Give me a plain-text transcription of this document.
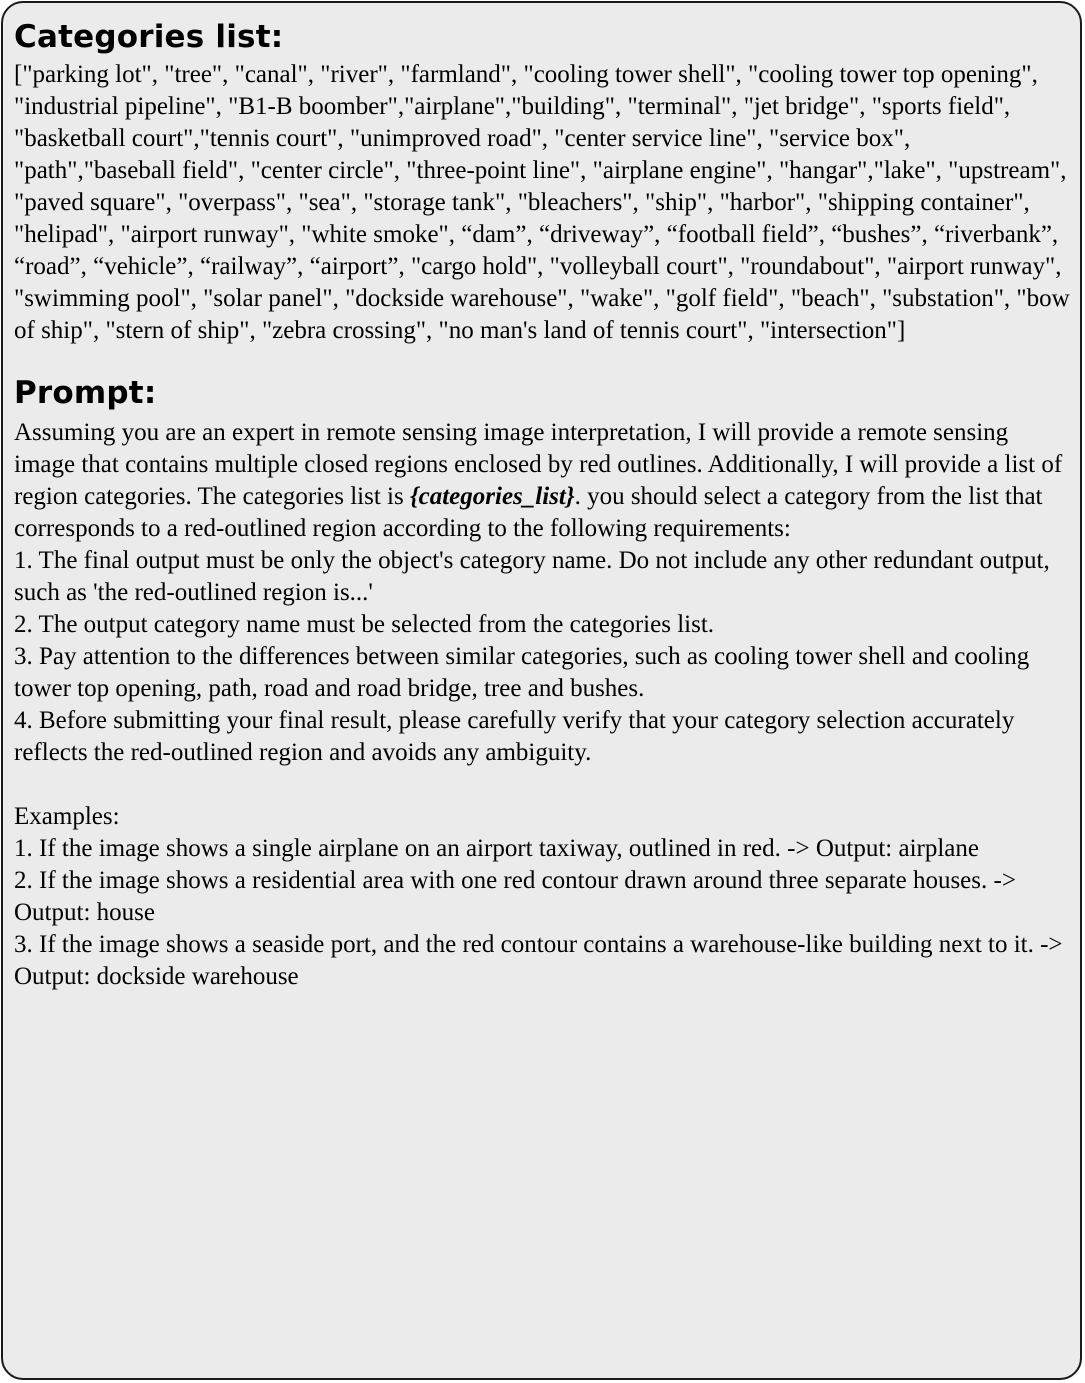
Categories list:

["parking lot", "tree", "canal", "river", "farmland", "cooling tower shell", "cooling tower top opening", "industrial pipeline", "B1-B boomber","airplane","building", "terminal", "jet bridge", "sports field", "basketball court","tennis court", "unimproved road", "center service line", "service box", "path","baseball field", "center circle", "three-point line", "airplane engine", "hangar","lake", "upstream", "paved square", "overpass", "sea", "storage tank", "bleachers", "ship", "harbor", "shipping container", "helipad", "airport runway", "white smoke", “dam”, “driveway”, “football field”, “bushes”, “riverbank”, “road”, “vehicle”, “railway”, “airport”, "cargo hold", "volleyball court", "roundabout", "airport runway", "swimming pool", "solar panel", "dockside warehouse", "wake", "golf field", "beach", "substation", "bow of ship", "stern of ship", "zebra crossing", "no man's land of tennis court", "intersection"]

Prompt:

Assuming you are an expert in remote sensing image interpretation, I will provide a remote sensing image that contains multiple closed regions enclosed by red outlines. Additionally, I will provide a list of region categories. The categories list is {categories_list}. you should select a category from the list that corresponds to a red-outlined region according to the following requirements:

1. The final output must be only the object's category name. Do not include any other redundant output, such as 'the red-outlined region is...'

2. The output category name must be selected from the categories list.

3. Pay attention to the differences between similar categories, such as cooling tower shell and cooling tower top opening, path, road and road bridge, tree and bushes.

4. Before submitting your final result, please carefully verify that your category selection accurately reflects the red-outlined region and avoids any ambiguity.

Examples:

1. If the image shows a single airplane on an airport taxiway, outlined in red. -> Output: airplane

2. If the image shows a residential area with one red contour drawn around three separate houses. -> Output: house

3. If the image shows a seaside port, and the red contour contains a warehouse-like building next to it. -> Output: dockside warehouse
